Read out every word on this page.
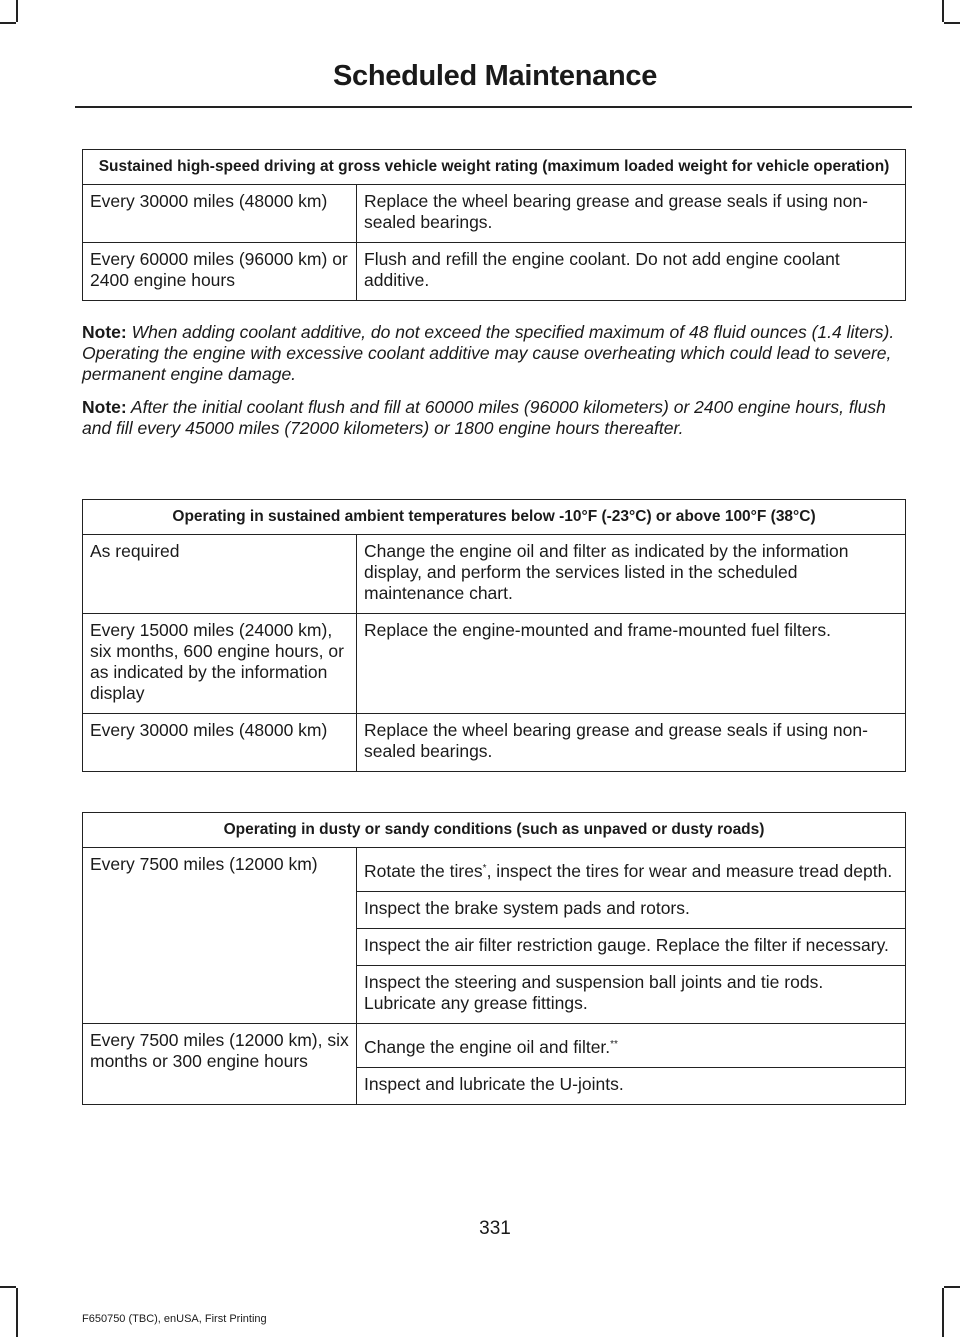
Scheduled Maintenance
Sustained high-speed driving at gross vehicle weight rating (maximum loaded weight for vehicle operation)	
Every 30000 miles (48000 km)	Replace the wheel bearing grease and grease seals if using non-sealed bearings.
Every 60000 miles (96000 km) or 2400 engine hours	Flush and refill the engine coolant. Do not add engine coolant additive.
Note: When adding coolant additive, do not exceed the specified maximum of 48 fluid ounces (1.4 liters). Operating the engine with excessive coolant additive may cause overheating which could lead to severe, permanent engine damage.
Note: After the initial coolant flush and fill at 60000 miles (96000 kilometers) or 2400 engine hours, flush and fill every 45000 miles (72000 kilometers) or 1800 engine hours thereafter.
Operating in sustained ambient temperatures below -10°F (-23°C) or above 100°F (38°C)	
As required	Change the engine oil and filter as indicated by the information display, and perform the services listed in the scheduled maintenance chart.
Every 15000 miles (24000 km), six months, 600 engine hours, or as indicated by the information display	Replace the engine-mounted and frame-mounted fuel filters.
Every 30000 miles (48000 km)	Replace the wheel bearing grease and grease seals if using non-sealed bearings.
Operating in dusty or sandy conditions (such as unpaved or dusty roads)	
Every 7500 miles (12000 km)	Rotate the tires*, inspect the tires for wear and measure tread depth.
	Inspect the brake system pads and rotors.
	Inspect the air filter restriction gauge. Replace the filter if necessary.
	Inspect the steering and suspension ball joints and tie rods. Lubricate any grease fittings.
Every 7500 miles (12000 km), six months or 300 engine hours	Change the engine oil and filter.**
	Inspect and lubricate the U-joints.
331
F650750 (TBC), enUSA, First Printing
